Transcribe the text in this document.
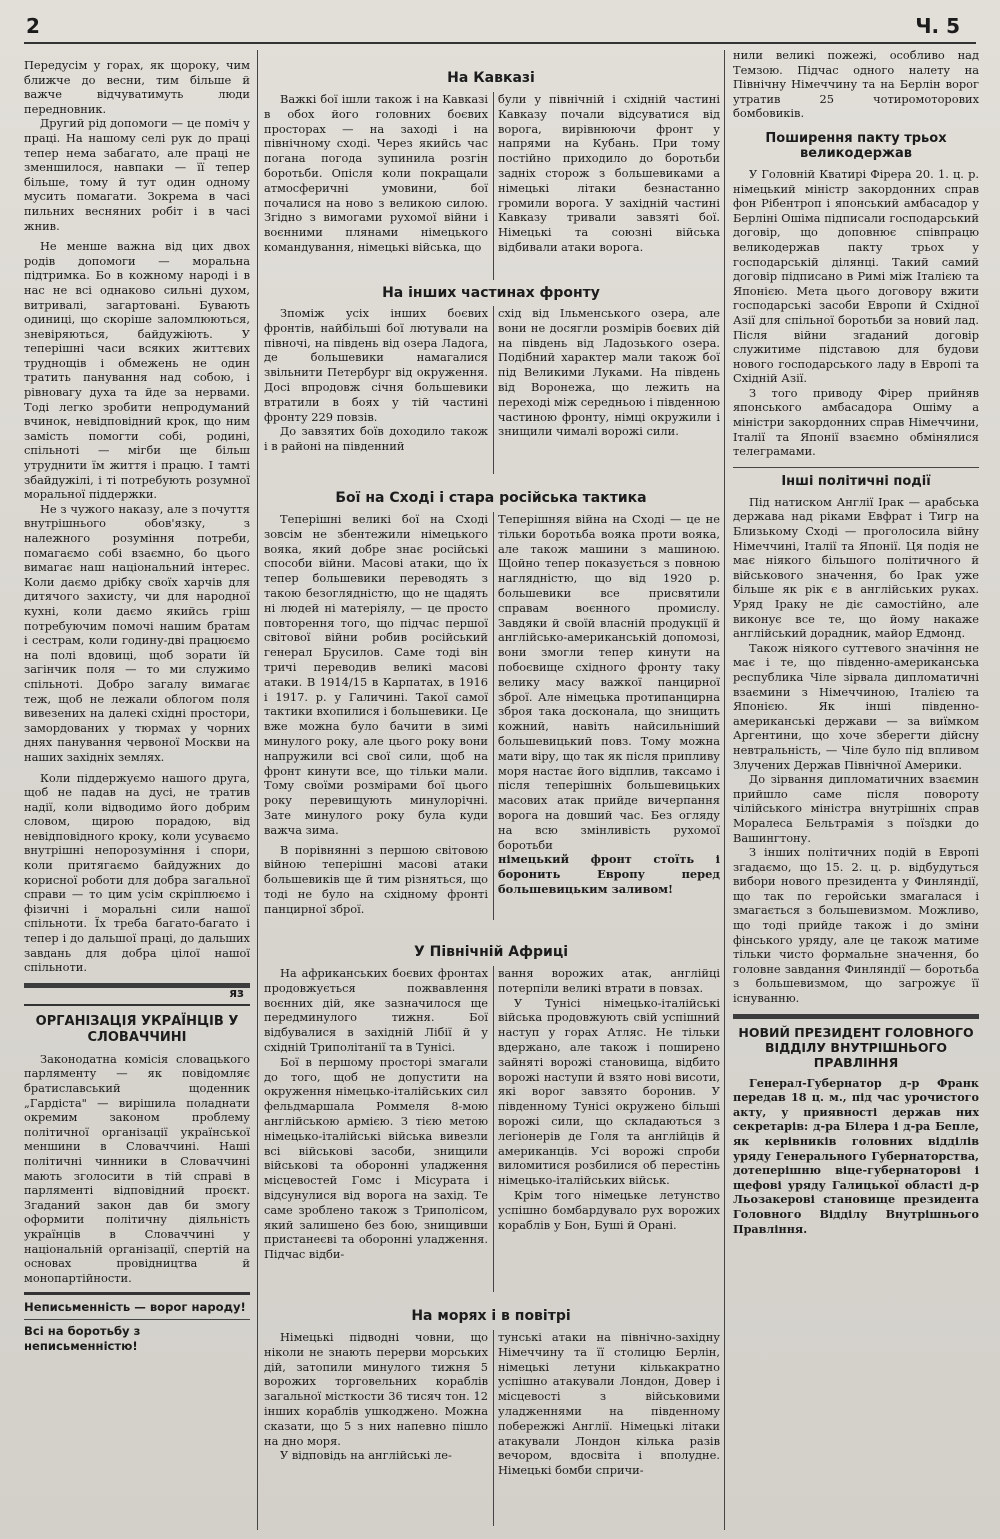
2	Ч. 5

Передусім у горах, як щороку, чим ближче до весни, тим більше й важче відчуватимуть люди передновник.

Другий рід допомоги — це поміч у праці. На нашому селі рук до праці тепер нема забагато, але праці не зменшилося, навпаки — її тепер більше, тому й тут один одному мусить помагати. Зокрема в часі пильних весняних робіт і в часі жнив.

Не менше важна від цих двох родів допомоги — моральна підтримка. Бо в кожному народі і в нас не всі однаково сильні духом, витривалі, загартовані. Бувають одиниці, що скоріше заломлюються, зневіряються, байдужіють. У теперішні часи всяких життєвих труднощів і обмежень не один тратить панування над собою, і рівновагу духа та йде за нервами. Тоді легко зробити непродуманий вчинок, невідповідний крок, що ним замість помогти собі, родині, спільноті — мігби ще більш утруднити їм життя і працю. І тамті збайдужілі, і ті потребують розумної моральної піддержки.

Не з чужого наказу, але з почуття внутрішнього обов'язку, з належного розуміння потреби, помагаємо собі взаємно, бо цього вимагає наш національний інтерес. Коли даємо дрібку своїх харчів для дитячого захисту, чи для народної кухні, коли даємо якийсь гріш потребуючим помочі нашим братам і сестрам, коли годину-дві працюємо на полі вдовиці, щоб зорати їй загінчик поля — то ми служимо спільноті. Добро загалу вимагає теж, щоб не лежали облогом поля вивезених на далекі східні простори, замордованих у тюрмах у чорних днях панування червоної Москви на наших західніх землях.

Коли піддержуємо нашого друга, щоб не падав на дусі, не тратив надії, коли відводимо його добрим словом, щирою порадою, від невідповідного кроку, коли усуваємо внутрішні непорозуміння і спори, коли притягаємо байдужних до корисної роботи для добра загальної справи — то цим усім скріплюємо і фізичні і моральні сили нашої спільноти. Їх треба багато-багато і тепер і до дальшої праці, до дальших завдань для добра цілої нашої спільноти.

яз
ОРГАНІЗАЦІЯ УКРАЇНЦІВ У СЛОВАЧЧИНІ

Законодатна комісія словацького парляменту — як повідомляє братиславський щоденник „Гардіста" — вирішила поладнати окремим законом проблему політичної організації української меншини в Словаччині. Наші політичні чинники в Словаччині мають зголосити в тій справі в парляменті відповідний проєкт. Згаданий закон дав би змогу оформити політичну діяльність українців в Словаччині у національній організації, спертій на основах провідництва й монопартійности.

Неписьменність — ворог народу!

Всі на боротьбу з неписьменністю!

На Кавказі

Важкі бої ішли також і на Кавказі в обох його головних боєвих просторах — на заході і на північному сході. Через якийсь час погана погода зупинила розгін боротьби. Опісля коли покращали атмосферичні умовини, бої почалися на ново з великою силою. Згідно з вимогами рухомої війни і воєнними плянами німецького командування, німецькі війська, що

були у північній і східній частині Кавказу почали відсуватися від ворога, вирівнюючи фронт у напрями на Кубань. При тому постійно приходило до боротьби задніх сторож з большевиками а німецькі літаки безнастанно громили ворога. У західній частині Кавказу тривали завзяті бої. Німецькі та союзні війська відбивали атаки ворога.

На інших частинах фронту

Зпоміж усіх інших боєвих фронтів, найбільші бої лютували на півночі, на південь від озера Ладога, де большевики намагалися звільнити Петербург від окруження. Досі впродовж січня большевики втратили в боях у тій частині фронту 229 повзів.

До завзятих боїв доходило також і в районі на південний

схід від Ільменського озера, але вони не досягли розмірів боєвих дій на південь від Ладозького озера. Подібний характер мали також бої під Великими Луками. На південь від Воронежа, що лежить на переході між середньою і південною частиною фронту, німці окружили і знищили чималі ворожі сили.

Бої на Сході і стара російська тактика

Теперішні великі бої на Сході зовсім не збентежили німецького вояка, який добре знає російські способи війни. Масові атаки, що їх тепер большевики переводять з такою безоглядністю, що не щадять ні людей ні матеріялу, — це просто повторення того, що підчас першої світової війни робив російський генерал Брусилов. Саме тоді він тричі переводив великі масові атаки. В 1914/15 в Карпатах, в 1916 і 1917. р. у Галичині. Такої самої тактики вхопилися і большевики. Це вже можна було бачити в зимі минулого року, але цього року вони напружили всі свої сили, щоб на фронт кинути все, що тільки мали. Тому своїми розмірами бої цього року перевищують минулорічні. Зате минулого року була куди важча зима.

В порівнянні з першою світовою війною теперішні масові атаки большевиків ще й тим різняться, що тоді не було на східному фронті панцирної зброї.

Теперішняя війна на Сході — це не тільки боротьба вояка проти вояка, але також машини з машиною. Щойно тепер показується з повною наглядністю, що від 1920 р. большевики все присвятили справам воєнного промислу. Завдяки й своїй власній продукції й англійсько-американській допомозі, вони змогли тепер кинути на побоєвище східного фронту таку велику масу важкої панцирної зброї. Але німецька протипанцирна зброя така досконала, що знищить кожний, навіть найсильніший большевицький повз. Тому можна мати віру, що так як після припливу моря настає його відплив, таксамо і після теперішніх большевицьких масових атак прийде вичерпання ворога на довший час. Без огляду на всю змінливість рухомої боротьби

німецький фронт стоїть і боронить Европу перед большевицьким заливом!

У Північній Африці

На африканських боєвих фронтах продовжується пожвавлення воєнних дій, яке зазначилося ще передминулого тижня. Бої відбувалися в західній Лібії й у східній Триполітанії та в Тунісі.

Бої в першому просторі змагали до того, щоб не допустити на окруження німецько-італійських сил фельдмаршала Роммеля 8-мою англійською армією. З тією метою німецько-італійські війська вивезли всі військові засоби, знищили військові та оборонні уладження місцевостей Гомс і Місурата і відсунулися від ворога на захід. Те саме зроблено також з Триполісом, який залишено без бою, знищивши пристанеєві та оборонні уладження. Підчас відби-

вання ворожих атак, англійці потерпіли великі втрати в повзах.

У Тунісі німецько-італійські війська продовжують свій успішний наступ у горах Атляс. Не тільки вдержано, але також і поширено зайняті ворожі становища, відбито ворожі наступи й взято нові висоти, які ворог завзято боронив. У південному Тунісі окружено більші ворожі сили, що складаються з легіонерів де Голя та англійців й американців. Усі ворожі спроби виломитися розбилися об перестінь німецько-італійських військ.

Крім того німецьке летунство успішно бомбардувало рух ворожих кораблів у Бон, Буші й Орані.

На морях і в повітрі

Німецькі підводні човни, що ніколи не знають перерви морських дій, затопили минулого тижня 5 ворожих торговельних кораблів загальної місткости 36 тисяч тон. 12 інших кораблів ушкоджено. Можна сказати, що 5 з них напевно пішло на дно моря.

У відповідь на англійські ле-

тунські атаки на північно-західну Німеччину та її столицю Берлін, німецькі летуни кількакратно успішно атакували Лондон, Довер і місцевості з військовими уладженнями на південному побережжі Англії. Німецькі літаки атакували Лондон кілька разів вечором, вдосвіта і вполудне. Німецькі бомби спричи-

нили великі пожежі, особливо над Темзою. Підчас одного налету на Північну Німеччину та на Берлін ворог утратив 25 чотиромоторових бомбовиків.

Поширення пакту трьох великодержав

У Головній Кватирі Фірера 20. 1. ц. р. німецький міністр закордонних справ фон Рібентроп і японський амбасадор у Берліні Ошіма підписали господарський договір, що доповнює співпрацю великодержав пакту трьох у господарській ділянці. Такий самий договір підписано в Римі між Італією та Японією. Мета цього договору вжити господарські засоби Европи й Східної Азії для спільної боротьби за новий лад. Після війни згаданий договір служитиме підставою для будови нового господарського ладу в Европі та Східній Азії.

З того приводу Фірер прийняв японського амбасадора Ошіму а міністри закордонних справ Німеччини, Італії та Японії взаємно обмінялися телеграмами.

Інші політичні події

Під натиском Англії Ірак — арабська держава над ріками Евфрат і Тигр на Близькому Сході — проголосила війну Німеччині, Італії та Японії. Ця подія не має ніякого більшого політичного й військового значення, бо Ірак уже більше як рік є в англійських руках. Уряд Іраку не діє самостійно, але виконує все те, що йому накаже англійський дорадник, майор Едмонд.

Також ніякого суттевого значіння не має і те, що південно-американська республика Чіле зірвала дипломатичні взаємини з Німеччиною, Італією та Японією. Як інші південно-американські держави — за виїмком Аргентини, що хоче зберегти дійсну невтральність, — Чіле було під впливом Злучених Держав Північної Америки.

До зірвання дипломатичних взаємин прийшло саме після повороту чілійського міністра внутрішніх справ Моралеса Бельтрамія з поїздки до Вашингтону.

З інших політичних подій в Европі згадаємо, що 15. 2. ц. р. відбудуться вибори нового президента у Финляндії, що так по геройськи змагалася і змагається з большевизмом. Можливо, що тоді прийде також і до зміни фінського уряду, але це також матиме тільки чисто формальне значення, бо головне завдання Финляндії — боротьба з большевизмом, що загрожує її існуванню.

НОВИЙ ПРЕЗИДЕНТ ГОЛОВНОГО ВІДДІЛУ ВНУТРІШНЬОГО ПРАВЛІННЯ

Генерал-Губернатор д-р Франк передав 18 ц. м., під час урочистого акту, у приявності держав них секретарів: д-ра Білера і д-ра Бепле, як керівників головних відділів уряду Генерального Губернаторства, дотеперішню віце-губернаторові і щефові уряду Галицької області д-р Льозакерові становище президента Головного Відділу Внутрішнього Правління.
